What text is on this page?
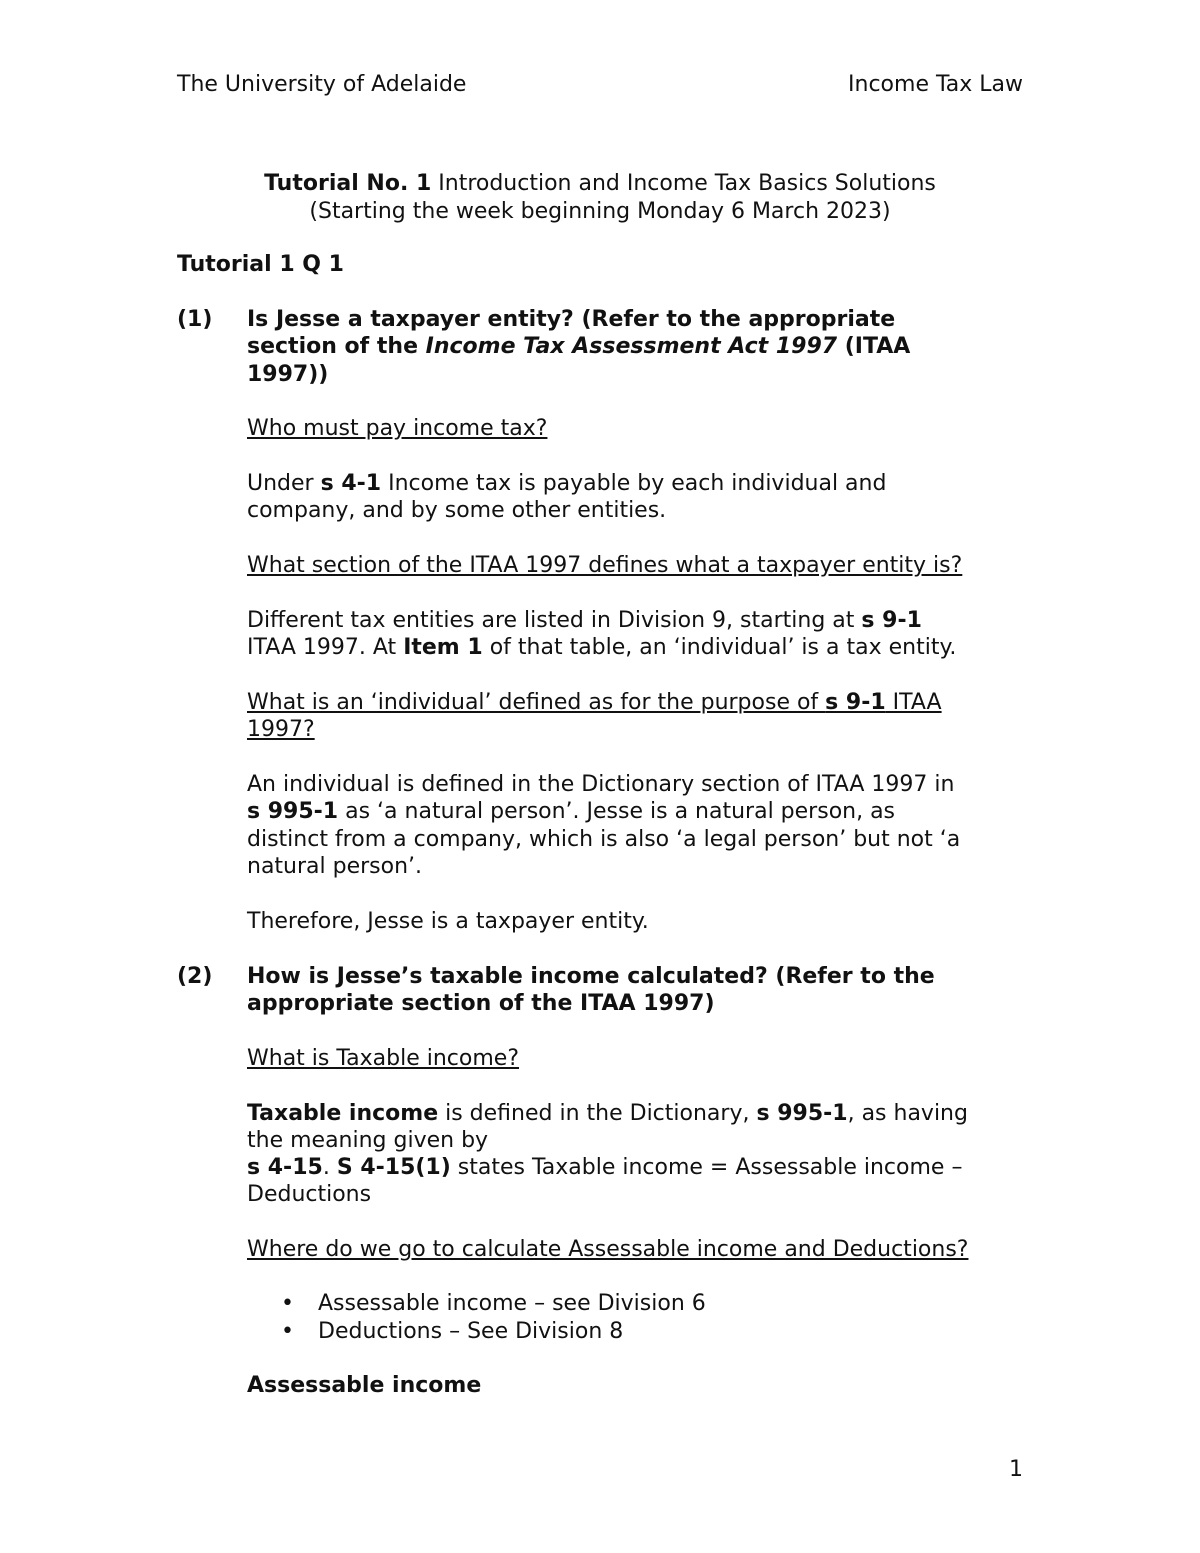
The University of Adelaide	Income Tax Law
Tutorial No. 1 Introduction and Income Tax Basics Solutions
(Starting the week beginning Monday 6 March 2023)
Tutorial 1 Q 1
(1) Is Jesse a taxpayer entity? (Refer to the appropriate
section of the Income Tax Assessment Act 1997 (ITAA
1997))
Who must pay income tax?
Under s 4-1 Income tax is payable by each individual and
company, and by some other entities.
What section of the ITAA 1997 defines what a taxpayer entity is?
Different tax entities are listed in Division 9, starting at s 9-1
ITAA 1997. At Item 1 of that table, an ‘individual’ is a tax entity.
What is an ‘individual’ defined as for the purpose of s 9-1 ITAA
1997?
An individual is defined in the Dictionary section of ITAA 1997 in
s 995-1 as ‘a natural person’. Jesse is a natural person, as
distinct from a company, which is also ‘a legal person’ but not ‘a
natural person’.
Therefore, Jesse is a taxpayer entity.
(2) How is Jesse’s taxable income calculated? (Refer to the
appropriate section of the ITAA 1997)
What is Taxable income?
Taxable income is defined in the Dictionary, s 995-1, as having
the meaning given by
s 4-15. S 4-15(1) states Taxable income = Assessable income –
Deductions
Where do we go to calculate Assessable income and Deductions?
• Assessable income – see Division 6
• Deductions – See Division 8
Assessable income
1
